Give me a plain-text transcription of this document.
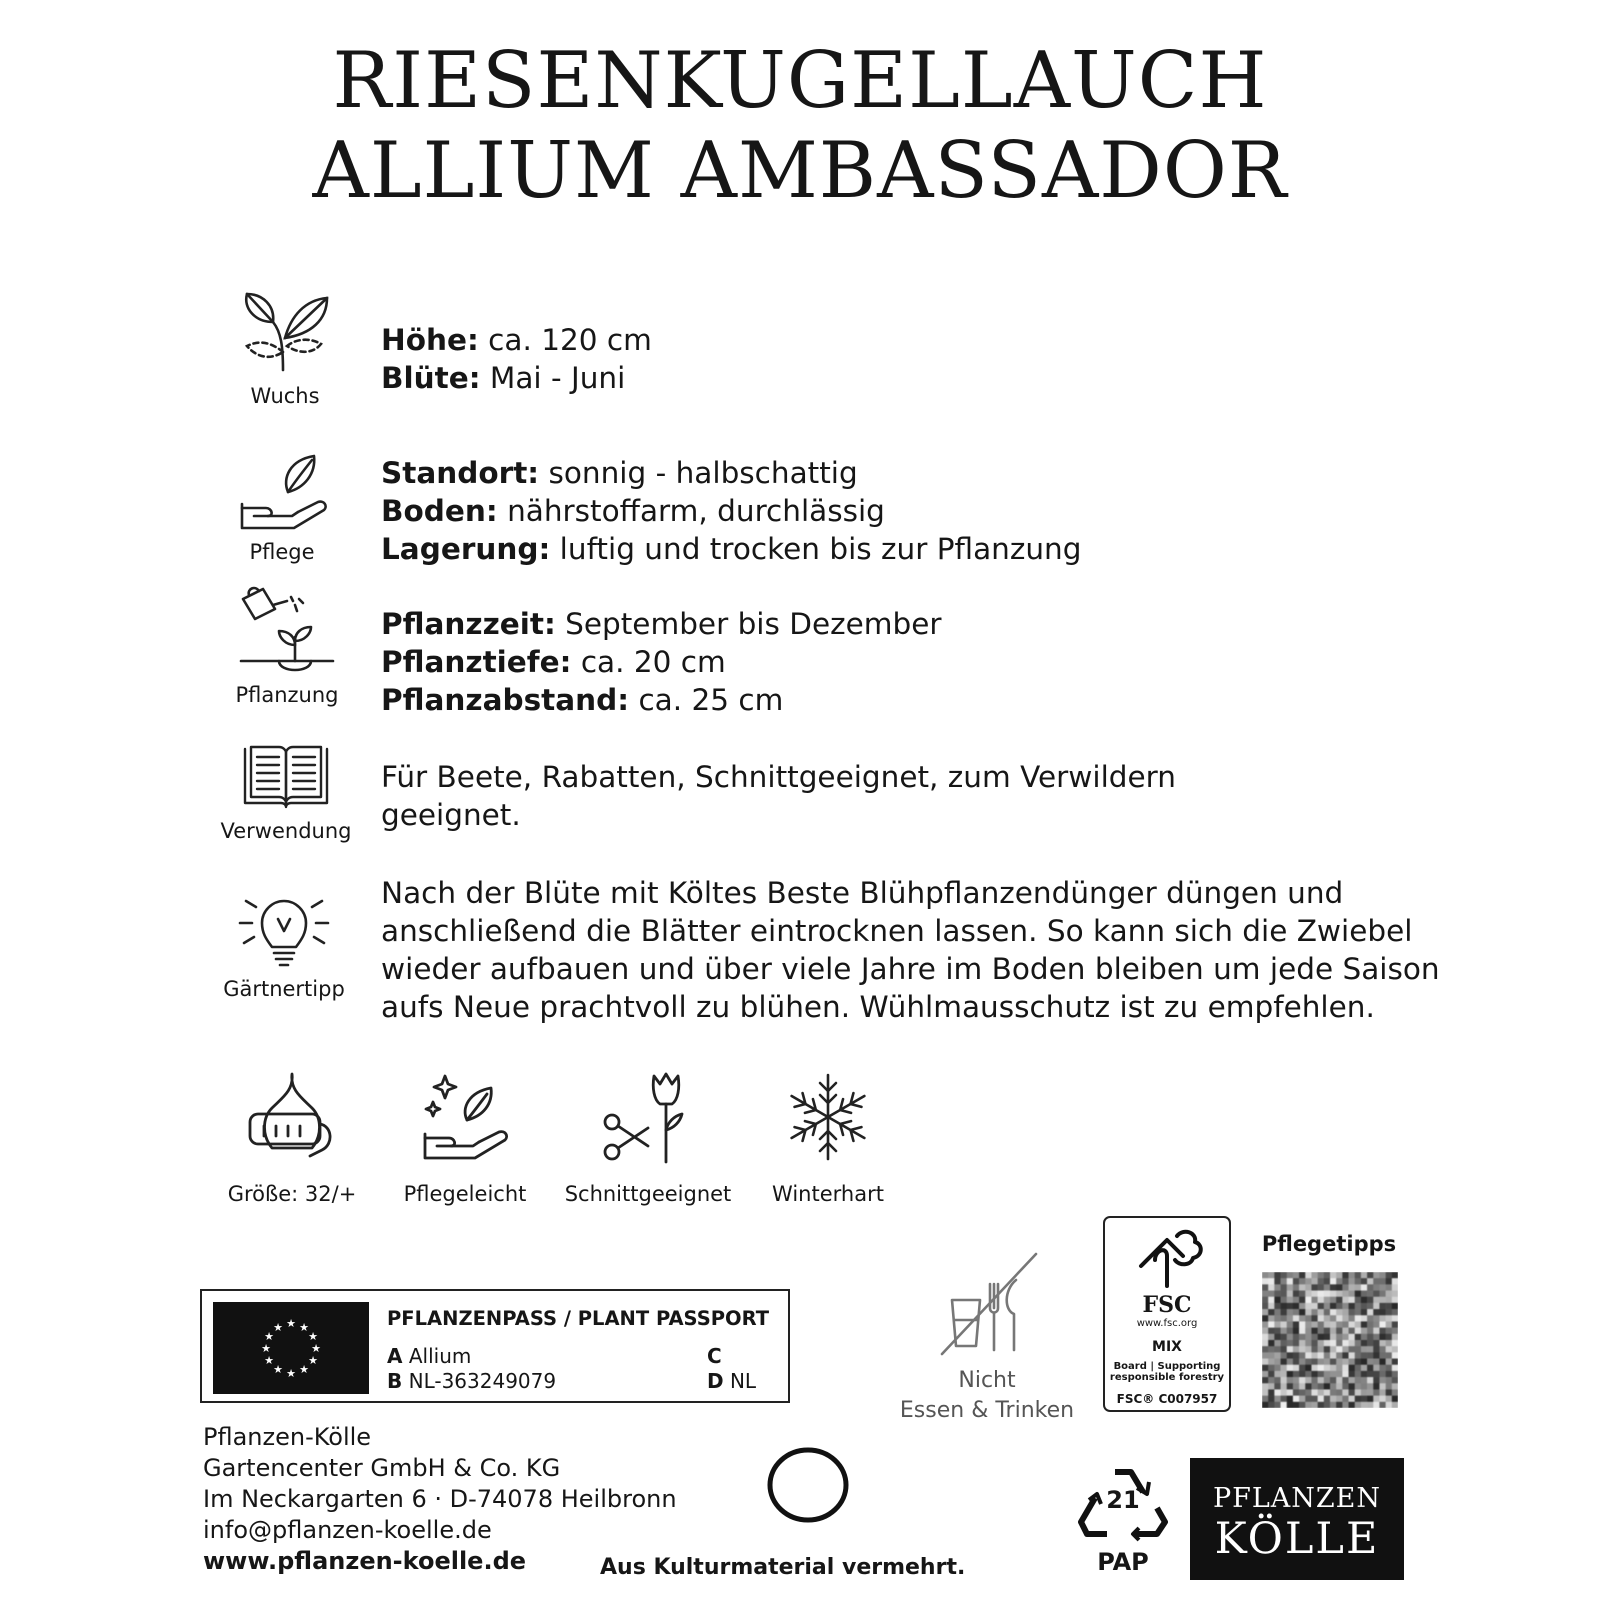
RIESENKUGELLAUCH
ALLIUM AMBASSADOR
Wuchs
Höhe: ca. 120 cm
Blüte: Mai - Juni
Pflege
Standort: sonnig - halbschattig
Boden: nährstoffarm, durchlässig
Lagerung: luftig und trocken bis zur Pflanzung
Pflanzung
Pflanzzeit: September bis Dezember
Pflanztiefe: ca. 20 cm
Pflanzabstand: ca. 25 cm
Verwendung
Für Beete, Rabatten, Schnittgeeignet, zum Verwildern
geeignet.
Gärtnertipp
Nach der Blüte mit Költes Beste Blühpflanzendünger düngen und
anschließend die Blätter eintrocknen lassen. So kann sich die Zwiebel
wieder aufbauen und über viele Jahre im Boden bleiben um jede Saison
aufs Neue prachtvoll zu blühen. Wühlmausschutz ist zu empfehlen.
Größe: 32/+	Pflegeleicht	Schnittgeeignet	Winterhart
★ ★
★
★
★
★
★
★
★
★
★
★	PFLANZENPASS / PLANT PASSPORT
A Allium
B NL-363249079
C
D NL
Pflanzen-Kölle
Gartencenter GmbH & Co. KG
Im Neckargarten 6 · D-74078 Heilbronn
info@pflanzen-koelle.de
www.pflanzen-koelle.de	Aus Kulturmaterial vermehrt.
Nicht
Essen & Trinken
FSC
www.fsc.org
MIX
Board | Supporting
responsible forestry
FSC® C007957
Pflegetipps
21
PAP
PFLANZEN
KÖLLE
